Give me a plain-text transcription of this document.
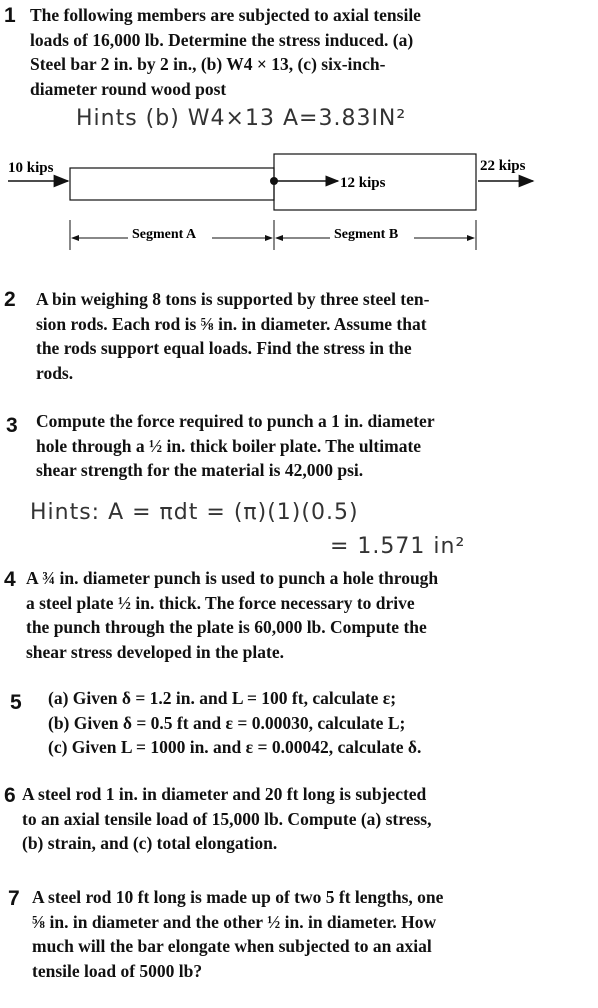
1 The following members are subjected to axial tensile
loads of 16,000 lb. Determine the stress induced. (a)
Steel bar 2 in. by 2 in., (b) W4 × 13, (c) six-inch-
diameter round wood post
Hints (b) W4×13 A=3.83IN²
10 kips
12 kips
22 kips
Segment A	Segment B
2 A bin weighing 8 tons is supported by three steel ten-
sion rods. Each rod is ⅝ in. in diameter. Assume that
the rods support equal loads. Find the stress in the
rods.
3 Compute the force required to punch a 1 in. diameter
hole through a ½ in. thick boiler plate. The ultimate
shear strength for the material is 42,000 psi.
Hints: A = πdt = (π)(1)(0.5)
= 1.571 in²
4 A ¾ in. diameter punch is used to punch a hole through
a steel plate ½ in. thick. The force necessary to drive
the punch through the plate is 60,000 lb. Compute the
shear stress developed in the plate.
5 (a) Given δ = 1.2 in. and L = 100 ft, calculate ε;
(b) Given δ = 0.5 ft and ε = 0.00030, calculate L;
(c) Given L = 1000 in. and ε = 0.00042, calculate δ.
6 A steel rod 1 in. in diameter and 20 ft long is subjected
to an axial tensile load of 15,000 lb. Compute (a) stress,
(b) strain, and (c) total elongation.
7 A steel rod 10 ft long is made up of two 5 ft lengths, one
⅝ in. in diameter and the other ½ in. in diameter. How
much will the bar elongate when subjected to an axial
tensile load of 5000 lb?
